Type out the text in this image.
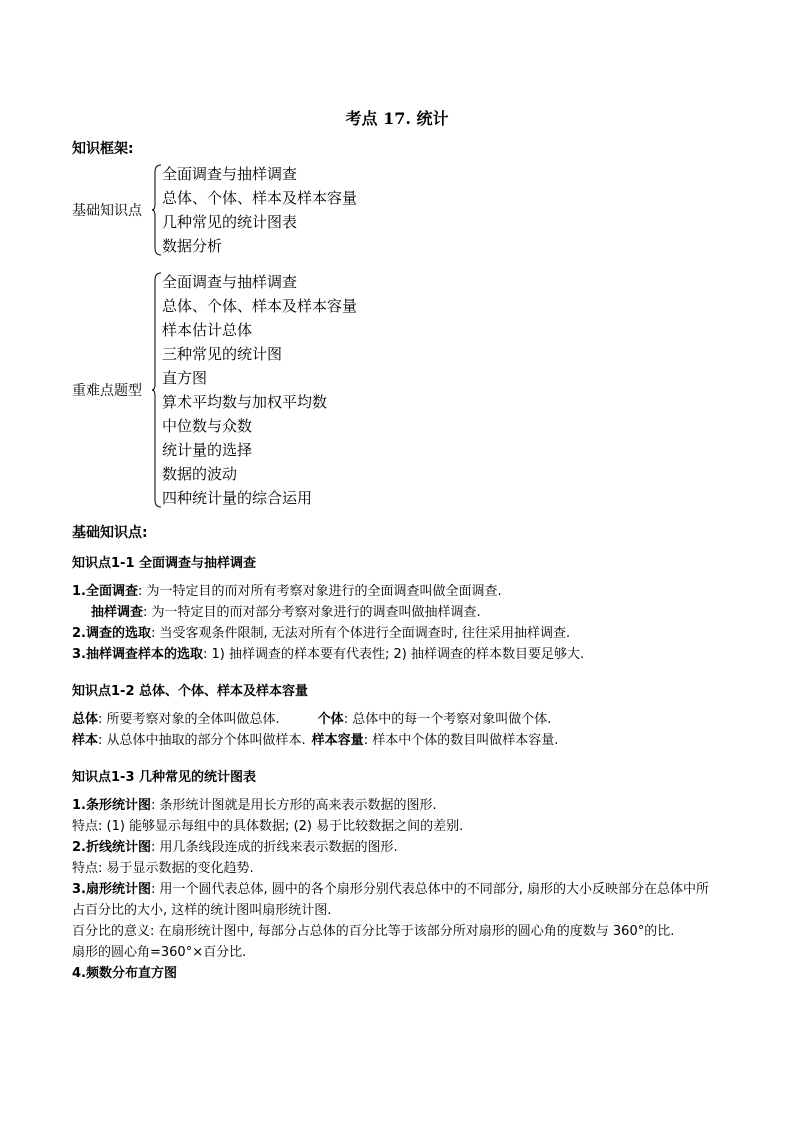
考点 17. 统计
知识框架:
基础知识点
全面调查与抽样调查
总体、个体、样本及样本容量
几种常见的统计图表
数据分析
重难点题型
全面调查与抽样调查
总体、个体、样本及样本容量
样本估计总体
三种常见的统计图
直方图
算术平均数与加权平均数
中位数与众数
统计量的选择
数据的波动
四种统计量的综合运用
基础知识点:
知识点1-1 全面调查与抽样调查
1.全面调查: 为一特定目的而对所有考察对象进行的全面调查叫做全面调查.
抽样调查: 为一特定目的而对部分考察对象进行的调查叫做抽样调查.
2.调查的选取: 当受客观条件限制, 无法对所有个体进行全面调查时, 往往采用抽样调查.
3.抽样调查样本的选取: 1) 抽样调查的样本要有代表性; 2) 抽样调查的样本数目要足够大.
知识点1-2 总体、个体、样本及样本容量
总体: 所要考察对象的全体叫做总体.	个体: 总体中的每一个考察对象叫做个体.
样本: 从总体中抽取的部分个体叫做样本. 样本容量: 样本中个体的数目叫做样本容量.
知识点1-3 几种常见的统计图表
1.条形统计图: 条形统计图就是用长方形的高来表示数据的图形.
特点: (1) 能够显示每组中的具体数据; (2) 易于比较数据之间的差别.
2.折线统计图: 用几条线段连成的折线来表示数据的图形.
特点: 易于显示数据的变化趋势.
3.扇形统计图: 用一个圆代表总体, 圆中的各个扇形分别代表总体中的不同部分, 扇形的大小反映部分在总体中所占百分比的大小, 这样的统计图叫扇形统计图.
百分比的意义: 在扇形统计图中, 每部分占总体的百分比等于该部分所对扇形的圆心角的度数与 360°的比.
扇形的圆心角=360°×百分比.
4.频数分布直方图
